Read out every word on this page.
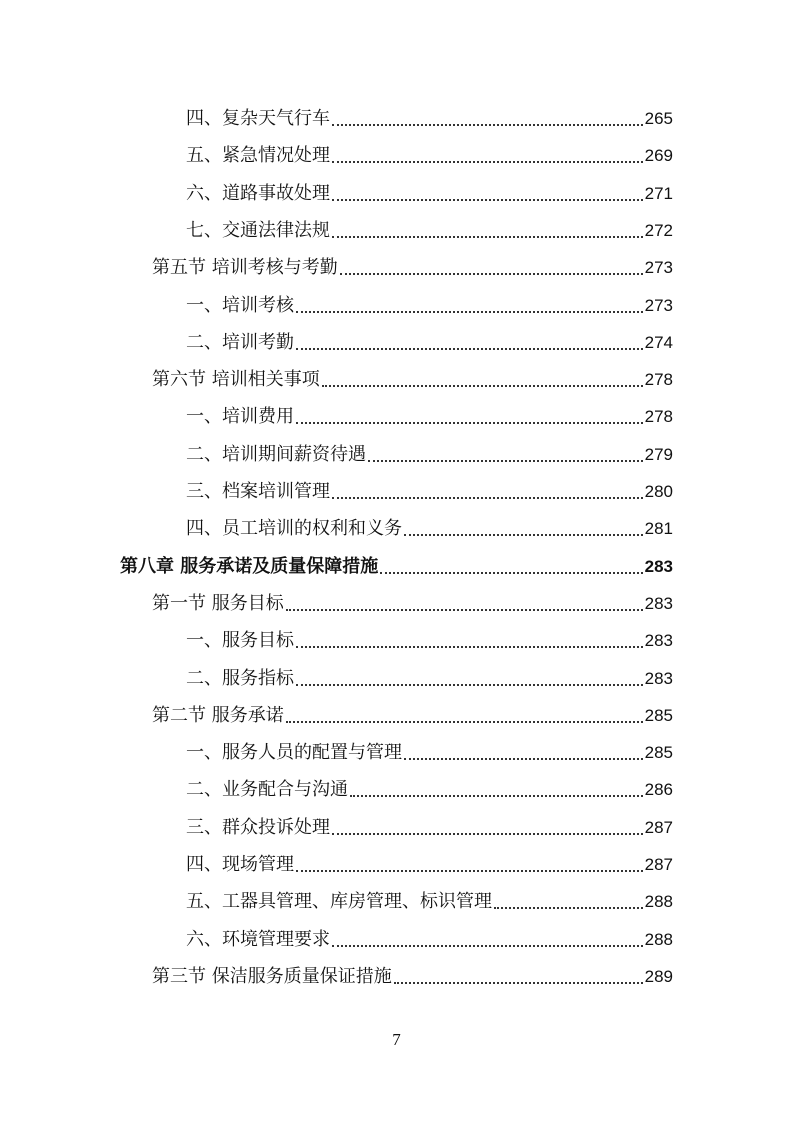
四、复杂天气行车	265
五、紧急情况处理	269
六、道路事故处理	271
七、交通法律法规	272
第五节 培训考核与考勤	273
一、培训考核	273
二、培训考勤	274
第六节 培训相关事项	278
一、培训费用	278
二、培训期间薪资待遇	279
三、档案培训管理	280
四、员工培训的权利和义务	281
第八章 服务承诺及质量保障措施	283
第一节 服务目标	283
一、服务目标	283
二、服务指标	283
第二节 服务承诺	285
一、服务人员的配置与管理	285
二、业务配合与沟通	286
三、群众投诉处理	287
四、现场管理	287
五、工器具管理、库房管理、标识管理	288
六、环境管理要求	288
第三节 保洁服务质量保证措施	289
7
